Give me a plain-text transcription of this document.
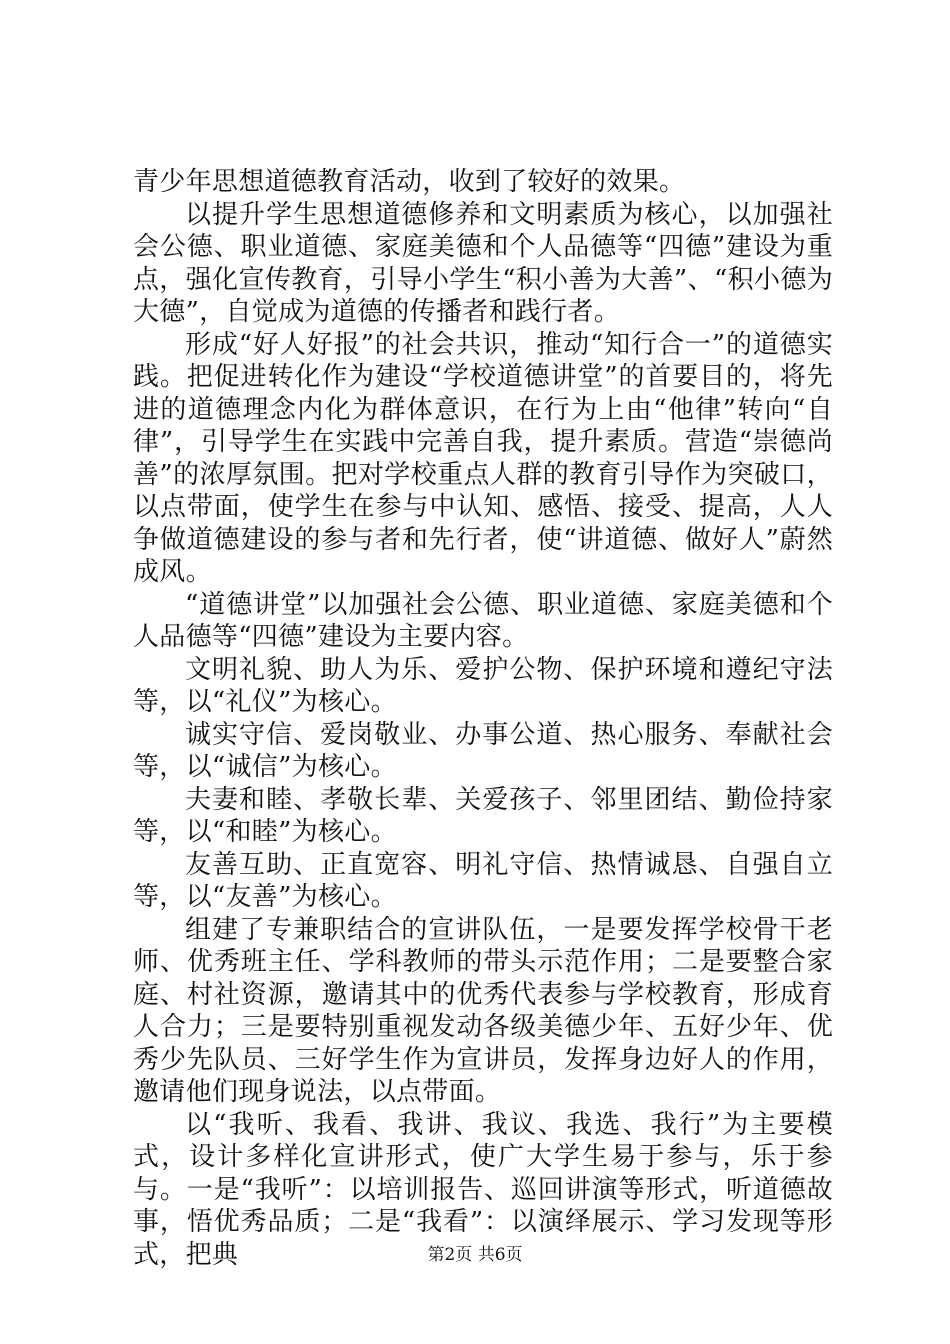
青少年思想道德教育活动，收到了较好的效果。

以提升学生思想道德修养和文明素质为核心，以加强社会公德、职业道德、家庭美德和个人品德等“四德”建设为重点，强化宣传教育，引导小学生“积小善为大善”、“积小德为大德”，自觉成为道德的传播者和践行者。

形成“好人好报”的社会共识，推动“知行合一”的道德实践。把促进转化作为建设“学校道德讲堂”的首要目的，将先进的道德理念内化为群体意识，在行为上由“他律”转向“自律”，引导学生在实践中完善自我，提升素质。营造“崇德尚善”的浓厚氛围。把对学校重点人群的教育引导作为突破口，以点带面，使学生在参与中认知、感悟、接受、提高，人人争做道德建设的参与者和先行者，使“讲道德、做好人”蔚然成风。

“道德讲堂”以加强社会公德、职业道德、家庭美德和个人品德等“四德”建设为主要内容。

文明礼貌、助人为乐、爱护公物、保护环境和遵纪守法等，以“礼仪”为核心。

诚实守信、爱岗敬业、办事公道、热心服务、奉献社会等，以“诚信”为核心。

夫妻和睦、孝敬长辈、关爱孩子、邻里团结、勤俭持家等，以“和睦”为核心。

友善互助、正直宽容、明礼守信、热情诚恳、自强自立等，以“友善”为核心。

组建了专兼职结合的宣讲队伍，一是要发挥学校骨干老师、优秀班主任、学科教师的带头示范作用；二是要整合家庭、村社资源，邀请其中的优秀代表参与学校教育，形成育人合力；三是要特别重视发动各级美德少年、五好少年、优秀少先队员、三好学生作为宣讲员，发挥身边好人的作用，邀请他们现身说法，以点带面。

以“我听、我看、我讲、我议、我选、我行”为主要模式，设计多样化宣讲形式，使广大学生易于参与，乐于参与。一是“我听”：以培训报告、巡回讲演等形式，听道德故事，悟优秀品质；二是“我看”：以演绎展示、学习发现等形式，把典	第2页 共6页
